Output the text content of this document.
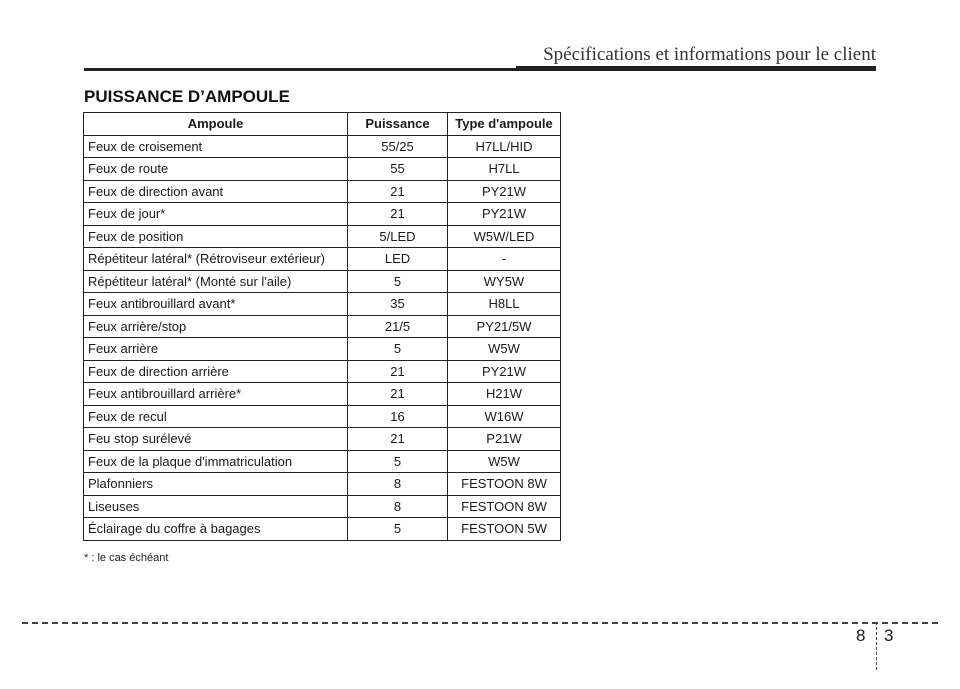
Spécifications et informations pour le client
PUISSANCE D’AMPOULE
Ampoule	Puissance	Type d'ampoule
Feux de croisement	55/25	H7LL/HID
Feux de route	55	H7LL
Feux de direction avant	21	PY21W
Feux de jour*	21	PY21W
Feux de position	5/LED	W5W/LED
Répétiteur latéral* (Rétroviseur extérieur)	LED	-
Répétiteur latéral* (Monté sur l'aile)	5	WY5W
Feux antibrouillard avant*	35	H8LL
Feux arrière/stop	21/5	PY21/5W
Feux arrière	5	W5W
Feux de direction arrière	21	PY21W
Feux antibrouillard arrière*	21	H21W
Feux de recul	16	W16W
Feu stop surélevé	21	P21W
Feux de la plaque d'immatriculation	5	W5W
Plafonniers	8	FESTOON 8W
Liseuses	8	FESTOON 8W
Éclairage du coffre à bagages	5	FESTOON 5W
* : le cas échéant
8 3
